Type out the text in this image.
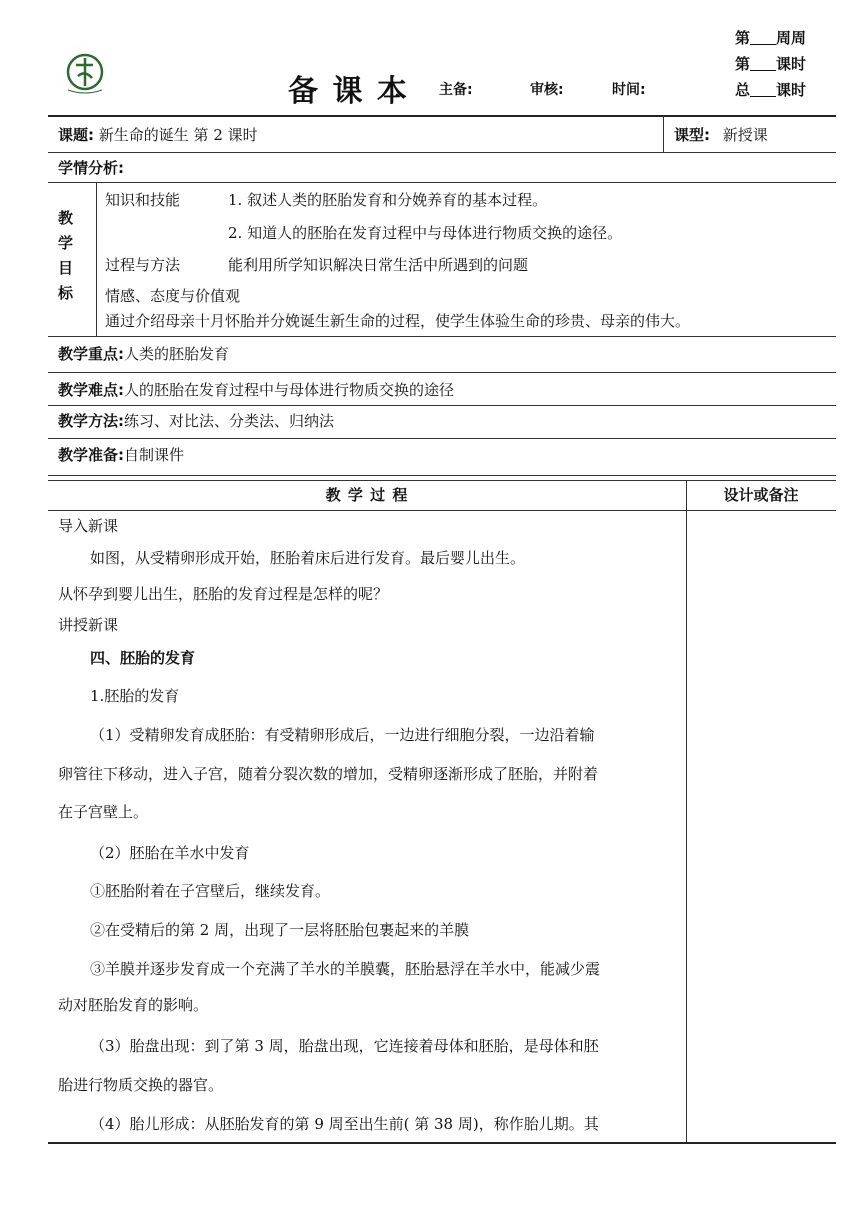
备 课 本 主备:	审核:	时间:
第 周周
第 课时
总 课时
课题: 新生命的诞生 第 2 课时	课型: 新授课
学情分析:
教
学
目
标
知识和技能	1. 叙述人类的胚胎发育和分娩养育的基本过程。
2. 知道人的胚胎在发育过程中与母体进行物质交换的途径。
过程与方法	能利用所学知识解决日常生活中所遇到的问题
情感、态度与价值观
通过介绍母亲十月怀胎并分娩诞生新生命的过程，使学生体验生命的珍贵、母亲的伟大。
教学重点:人类的胚胎发育
教学难点:人的胚胎在发育过程中与母体进行物质交换的途径
教学方法:练习、对比法、分类法、归纳法
教学准备:自制课件
教 学 过 程	设计或备注
导入新课
如图，从受精卵形成开始，胚胎着床后进行发育。最后婴儿出生。
从怀孕到婴儿出生，胚胎的发育过程是怎样的呢？
讲授新课
四、胚胎的发育
1.胚胎的发育
（1）受精卵发育成胚胎：有受精卵形成后，一边进行细胞分裂，一边沿着输
卵管往下移动，进入子宫，随着分裂次数的增加，受精卵逐渐形成了胚胎，并附着
在子宫壁上。
（2）胚胎在羊水中发育
①胚胎附着在子宫壁后，继续发育。
②在受精后的第 2 周，出现了一层将胚胎包裹起来的羊膜
③羊膜并逐步发育成一个充满了羊水的羊膜囊，胚胎悬浮在羊水中，能减少震
动对胚胎发育的影响。
（3）胎盘出现：到了第 3 周，胎盘出现，它连接着母体和胚胎，是母体和胚
胎进行物质交换的器官。
（4）胎儿形成：从胚胎发育的第 9 周至出生前( 第 38 周)，称作胎儿期。其
